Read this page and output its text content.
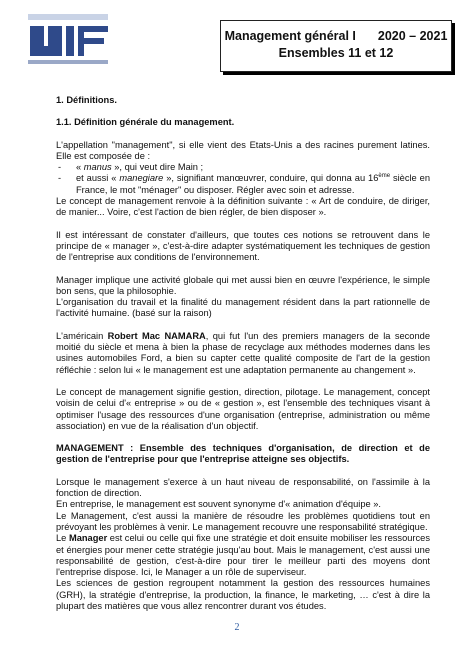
Management général I 2020 – 2021
Ensembles 11 et 12

1. Définitions.

1.1. Définition générale du management.

L'appellation "management", si elle vient des Etats-Unis a des racines purement latines. Elle est composée de :

-	« manus », qui veut dire Main ;
-	et aussi « manegiare », signifiant manœuvrer, conduire, qui donna au 16ème siècle en France, le mot "ménager" ou disposer. Régler avec soin et adresse.

Le concept de management renvoie à la définition suivante : « Art de conduire, de diriger, de manier... Voire, c'est l'action de bien régler, de bien disposer ».

Il est intéressant de constater d'ailleurs, que toutes ces notions se retrouvent dans le principe de « manager », c'est-à-dire adapter systématiquement les techniques de gestion de l'entreprise aux conditions de l'environnement.

Manager implique une activité globale qui met aussi bien en œuvre l'expérience, le simple bon sens, que la philosophie.

L'organisation du travail et la finalité du management résident dans la part rationnelle de l'activité humaine. (basé sur la raison)

L'américain Robert Mac NAMARA, qui fut l'un des premiers managers de la seconde moitié du siècle et mena à bien la phase de recyclage aux méthodes modernes dans les usines automobiles Ford, a bien su capter cette qualité composite de l'art de la gestion réfléchie : selon lui « le management est une adaptation permanente au changement ».

Le concept de management signifie gestion, direction, pilotage. Le management, concept voisin de celui d'« entreprise » ou de « gestion », est l'ensemble des techniques visant à optimiser l'usage des ressources d'une organisation (entreprise, administration ou même association) en vue de la réalisation d'un objectif.

MANAGEMENT : Ensemble des techniques d'organisation, de direction et de gestion de l'entreprise pour que l'entreprise atteigne ses objectifs.

Lorsque le management s'exerce à un haut niveau de responsabilité, on l'assimile à la fonction de direction.

En entreprise, le management est souvent synonyme d'« animation d'équipe ».

Le Management, c'est aussi la manière de résoudre les problèmes quotidiens tout en prévoyant les problèmes à venir. Le management recouvre une responsabilité stratégique.

Le Manager est celui ou celle qui fixe une stratégie et doit ensuite mobiliser les ressources et énergies pour mener cette stratégie jusqu'au bout. Mais le management, c'est aussi une responsabilité de gestion, c'est-à-dire pour tirer le meilleur parti des moyens dont l'entreprise dispose. Ici, le Manager a un rôle de superviseur.

Les sciences de gestion regroupent notamment la gestion des ressources humaines (GRH), la stratégie d'entreprise, la production, la finance, le marketing, … c'est à dire la plupart des matières que vous allez rencontrer durant vos études.

2
